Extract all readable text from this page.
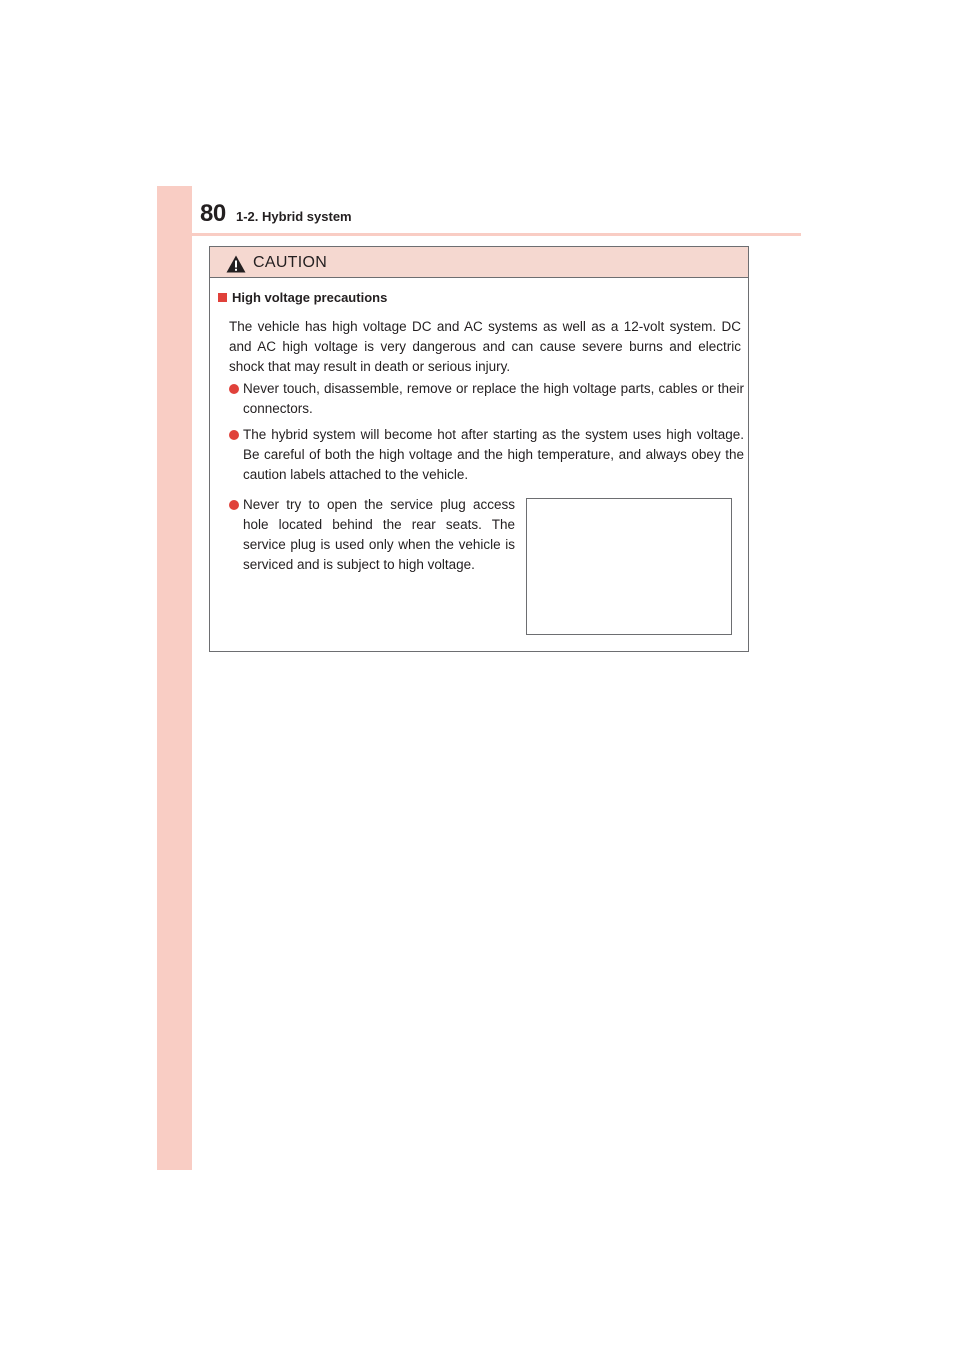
80 1-2. Hybrid system
CAUTION
High voltage precautions
The vehicle has high voltage DC and AC systems as well as a 12-volt system. DC and AC high voltage is very dangerous and can cause severe burns and electric shock that may result in death or serious injury.
Never touch, disassemble, remove or replace the high voltage parts, cables or their connectors.
The hybrid system will become hot after starting as the system uses high voltage. Be careful of both the high voltage and the high temperature, and always obey the caution labels attached to the vehicle.
Never try to open the service plug access hole located behind the rear seats. The service plug is used only when the vehicle is serviced and is subject to high voltage.
